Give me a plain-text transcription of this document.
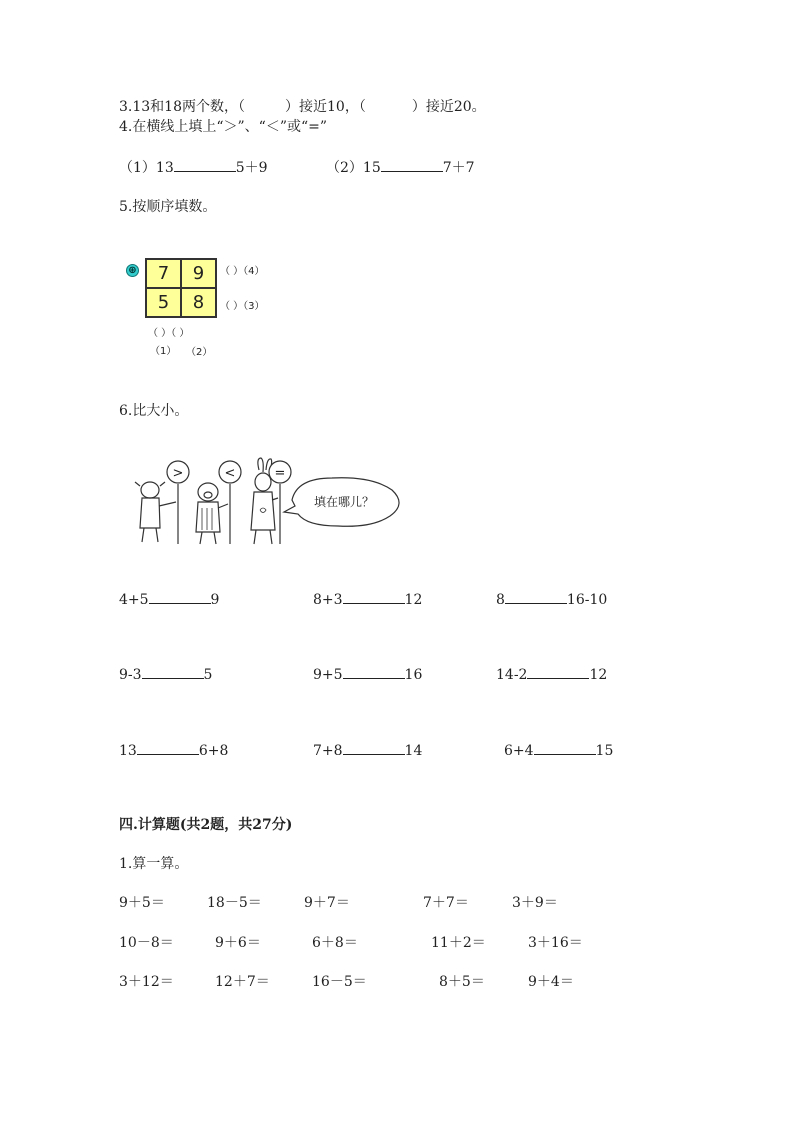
3.13和18两个数，（	）接近10，（	）接近20。
4.在横线上填上“＞”、“＜”或“=”
（1）13	5＋9	（2）15	7＋7
5.按顺序填数。
⊕	7	9
5	8
（ ）（4）
（ ）（3）
（ ）（ ）
（1） （2）
6.比大小。
>	<	=
填在哪儿？
4+5	9	8+3	12	8	16-10
9-3	5	9+5	16	14-2	12
13	6+8	7+8	14	6+4	15
四.计算题(共2题，共27分)
1.算一算。
9＋5＝	18－5＝	9＋7＝	7＋7＝	3＋9＝
10－8＝	9＋6＝	6＋8＝	11＋2＝	3＋16＝
3＋12＝	12＋7＝	16－5＝	8＋5＝	9＋4＝
